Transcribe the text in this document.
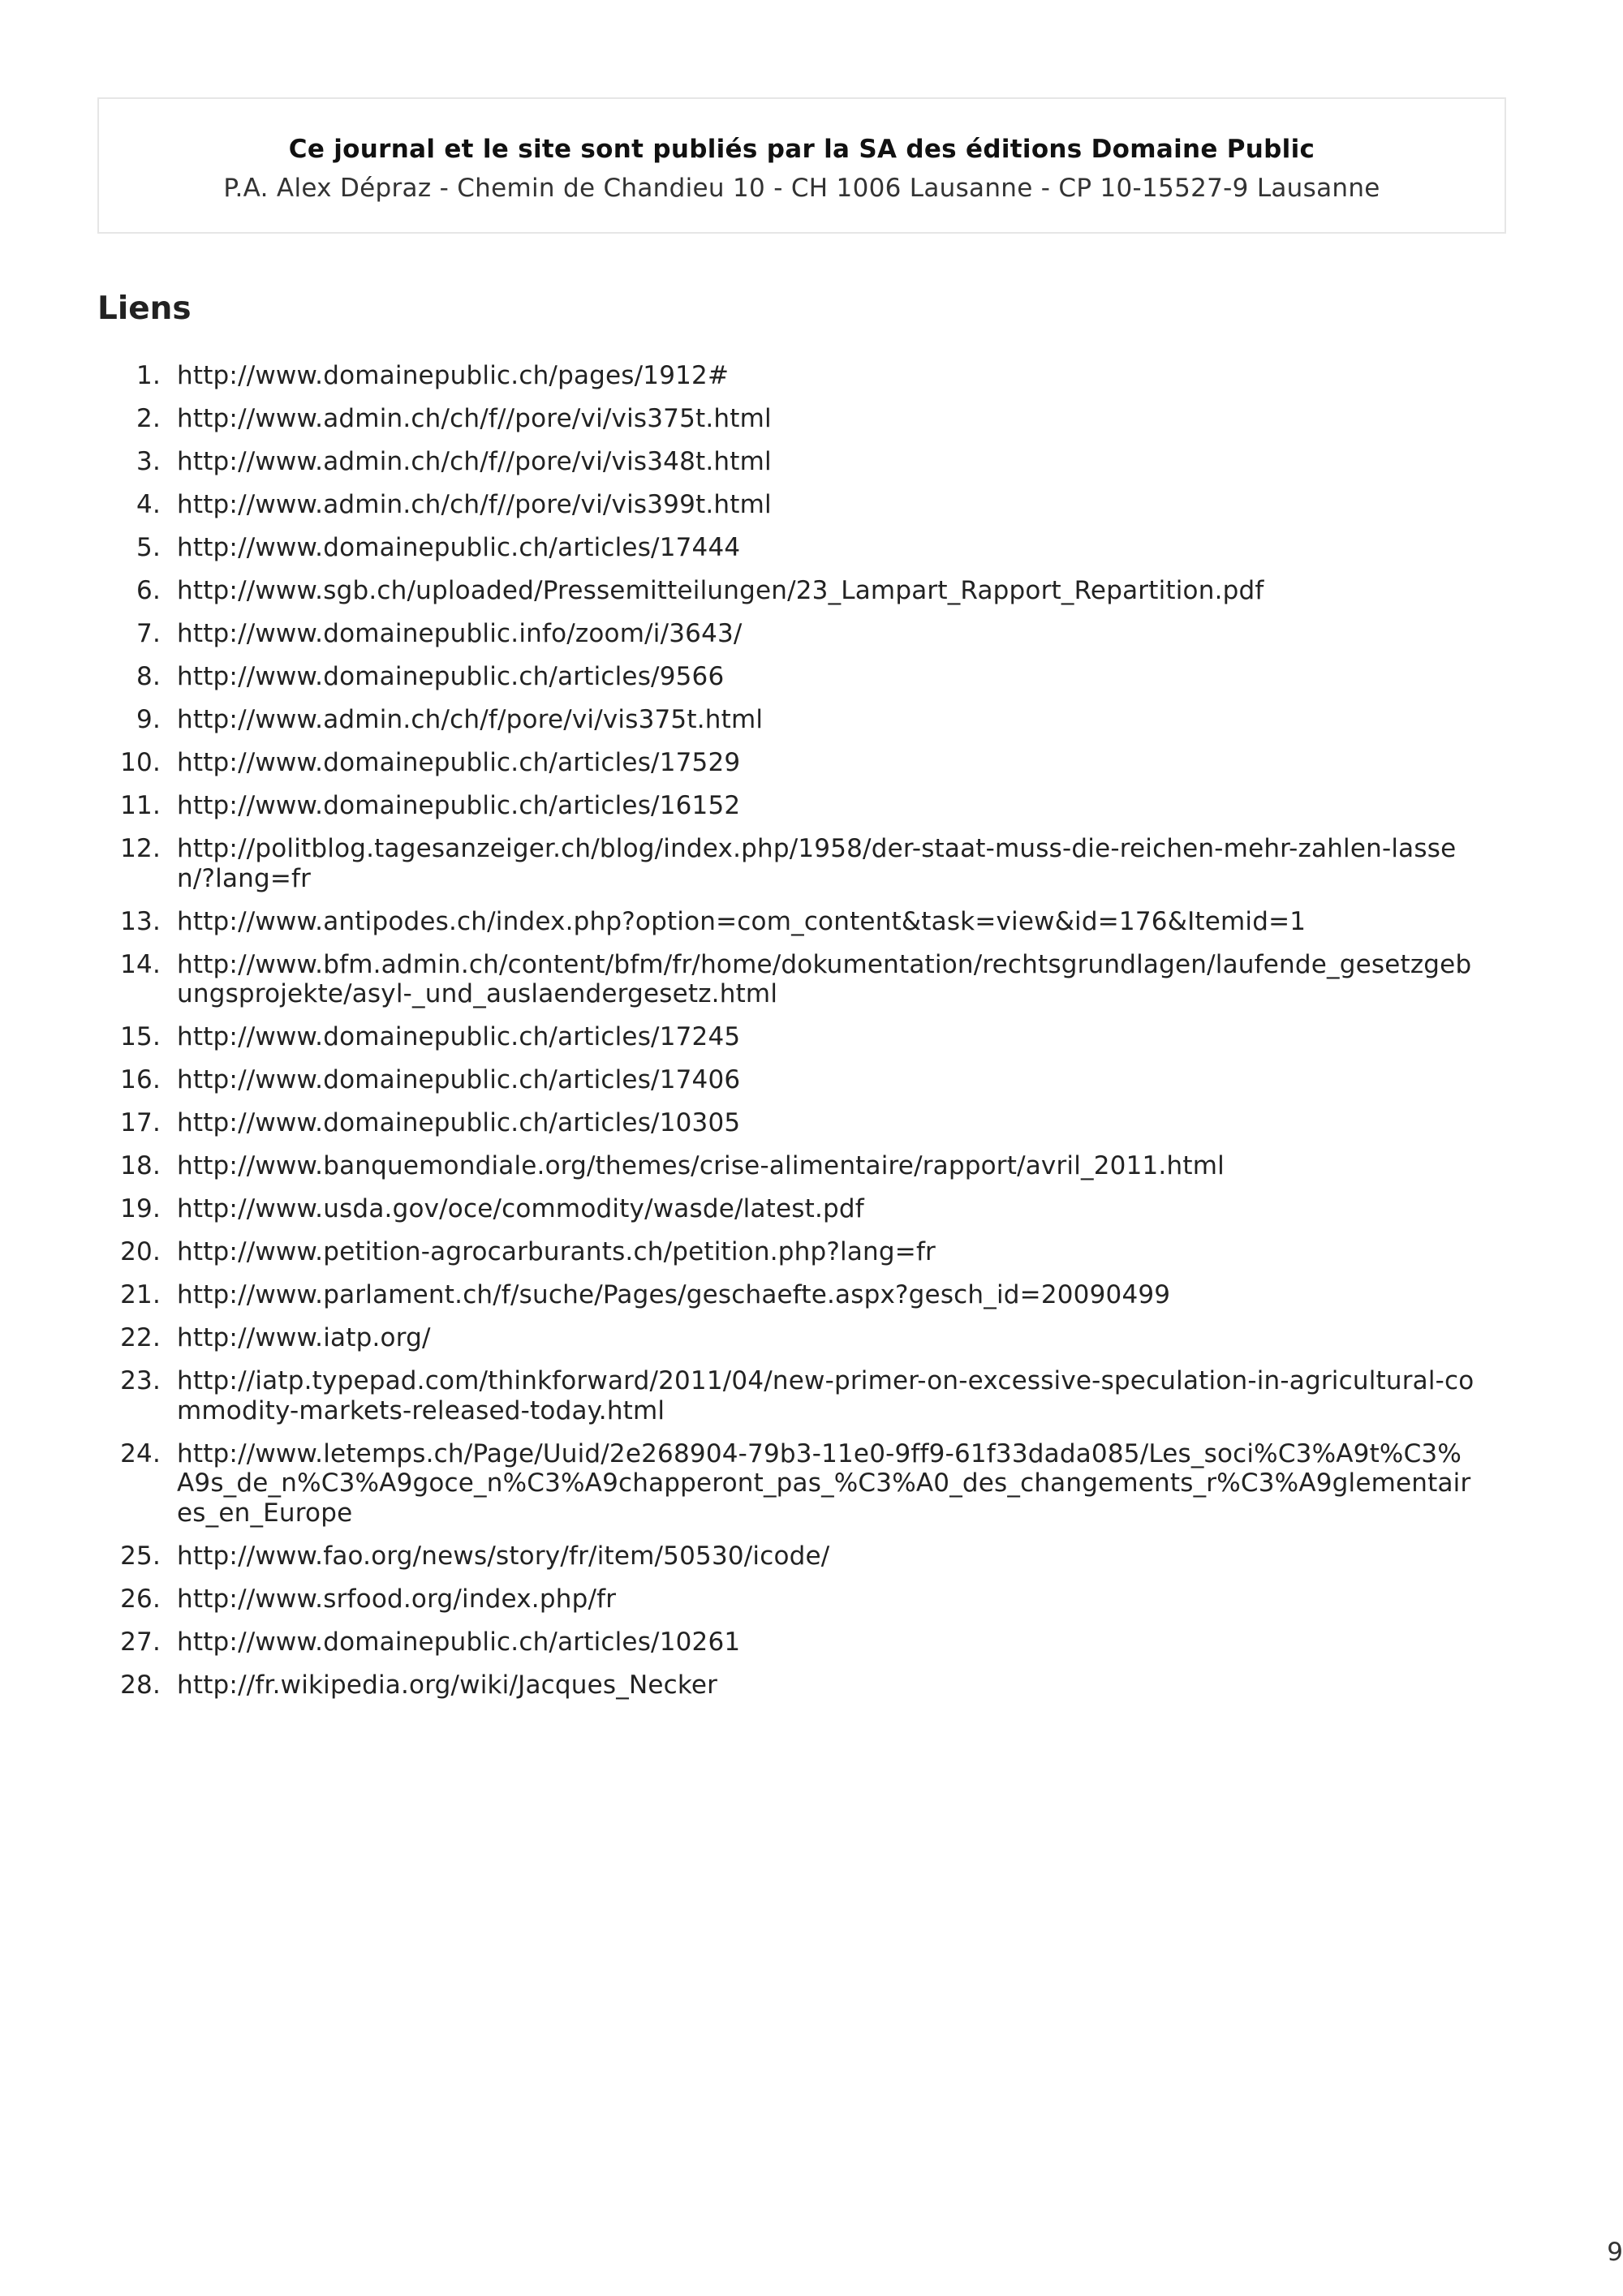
Ce journal et le site sont publiés par la SA des éditions Domaine Public
P.A. Alex Dépraz - Chemin de Chandieu 10 - CH 1006 Lausanne - CP 10-15527-9 Lausanne
Liens
1. http://www.domainepublic.ch/pages/1912#
2. http://www.admin.ch/ch/f//pore/vi/vis375t.html
3. http://www.admin.ch/ch/f//pore/vi/vis348t.html
4. http://www.admin.ch/ch/f//pore/vi/vis399t.html
5. http://www.domainepublic.ch/articles/17444
6. http://www.sgb.ch/uploaded/Pressemitteilungen/23_Lampart_Rapport_Repartition.pdf
7. http://www.domainepublic.info/zoom/i/3643/
8. http://www.domainepublic.ch/articles/9566
9. http://www.admin.ch/ch/f/pore/vi/vis375t.html
10. http://www.domainepublic.ch/articles/17529
11. http://www.domainepublic.ch/articles/16152
12. http://politblog.tagesanzeiger.ch/blog/index.php/1958/der-staat-muss-die-reichen-mehr-zahlen-lassen/?lang=fr
13. http://www.antipodes.ch/index.php?option=com_content&task=view&id=176&Itemid=1
14. http://www.bfm.admin.ch/content/bfm/fr/home/dokumentation/rechtsgrundlagen/laufende_gesetzgebungsprojekte/asyl-_und_auslaendergesetz.html
15. http://www.domainepublic.ch/articles/17245
16. http://www.domainepublic.ch/articles/17406
17. http://www.domainepublic.ch/articles/10305
18. http://www.banquemondiale.org/themes/crise-alimentaire/rapport/avril_2011.html
19. http://www.usda.gov/oce/commodity/wasde/latest.pdf
20. http://www.petition-agrocarburants.ch/petition.php?lang=fr
21. http://www.parlament.ch/f/suche/Pages/geschaefte.aspx?gesch_id=20090499
22. http://www.iatp.org/
23. http://iatp.typepad.com/thinkforward/2011/04/new-primer-on-excessive-speculation-in-agricultural-commodity-markets-released-today.html
24. http://www.letemps.ch/Page/Uuid/2e268904-79b3-11e0-9ff9-61f33dada085/Les_soci%C3%A9t%C3%A9s_de_n%C3%A9goce_n%C3%A9chapperont_pas_%C3%A0_des_changements_r%C3%A9glementaires_en_Europe
25. http://www.fao.org/news/story/fr/item/50530/icode/
26. http://www.srfood.org/index.php/fr
27. http://www.domainepublic.ch/articles/10261
28. http://fr.wikipedia.org/wiki/Jacques_Necker
9
